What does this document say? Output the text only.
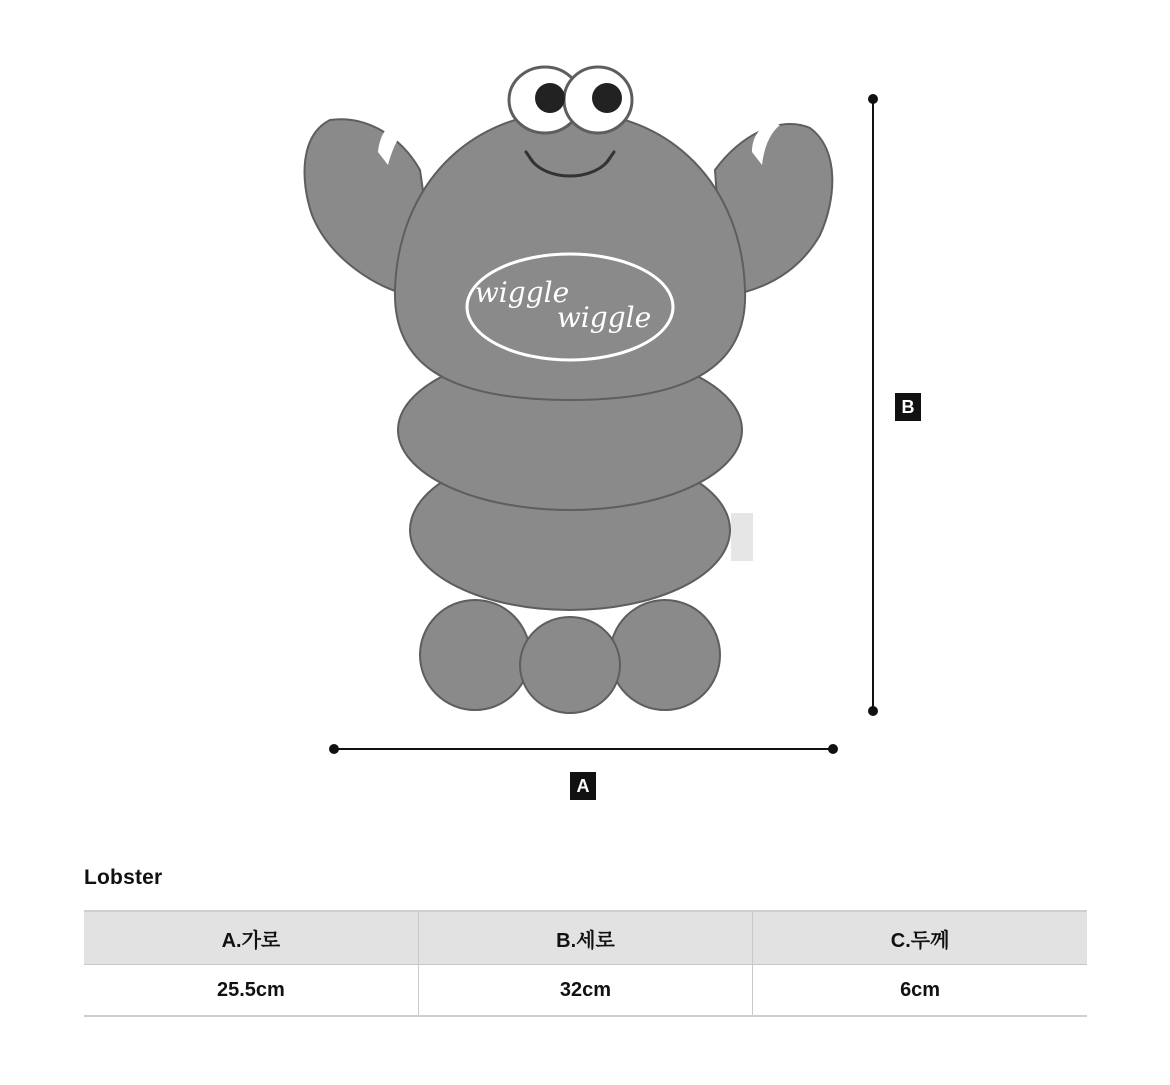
wiggle
wiggle
A
B
Lobster
A.가로	B.세로	C.두께
25.5cm	32cm	6cm
